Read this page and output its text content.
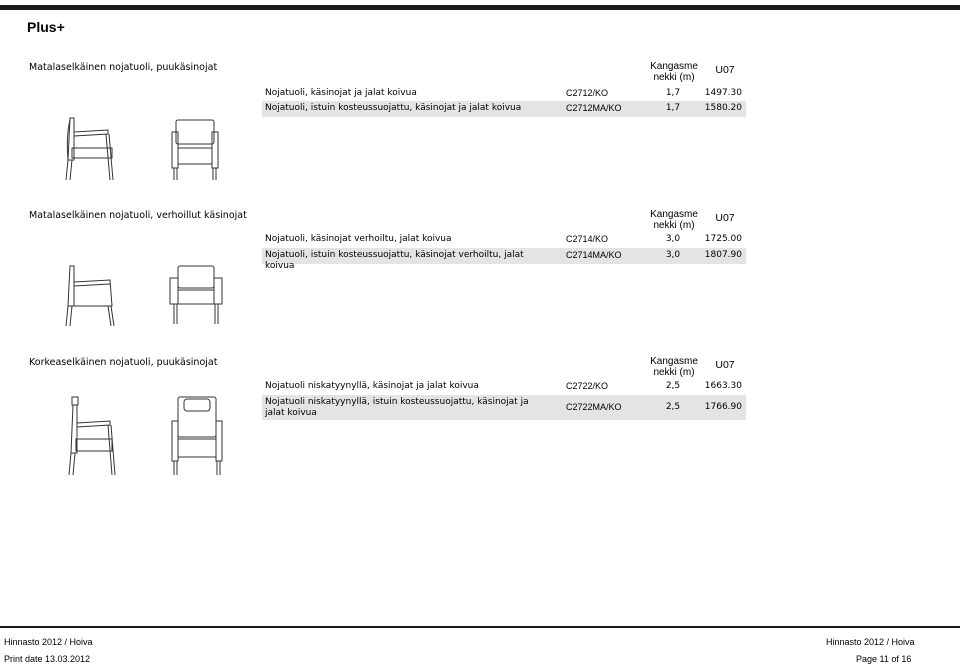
Plus+
Matalaselkäinen nojatuoli, puukäsinojat	Kangasme
nekki (m)
U07
Nojatuoli, käsinojat ja jalat koivua	C2712/KO	1,7	1497.30
Nojatuoli, istuin kosteussuojattu, käsinojat ja jalat koivua	C2712MA/KO	1,7	1580.20
Matalaselkäinen nojatuoli, verhoillut käsinojat	Kangasme
nekki (m)
U07
Nojatuoli, käsinojat verhoiltu, jalat koivua	C2714/KO	3,0	1725.00
Nojatuoli, istuin kosteussuojattu, käsinojat verhoiltu, jalat koivua
C2714MA/KO	3,0	1807.90
Korkeaselkäinen nojatuoli, puukäsinojat	Kangasme
nekki (m)
U07
Nojatuoli niskatyynyllä, käsinojat ja jalat koivua	C2722/KO	2,5	1663.30
Nojatuoli niskatyynyllä, istuin kosteussuojattu, käsinojat ja jalat koivua
C2722MA/KO	2,5	1766.90
Hinnasto 2012 / Hoiva	Hinnasto 2012 / Hoiva
Print date 13.03.2012	Page 11 of 16
